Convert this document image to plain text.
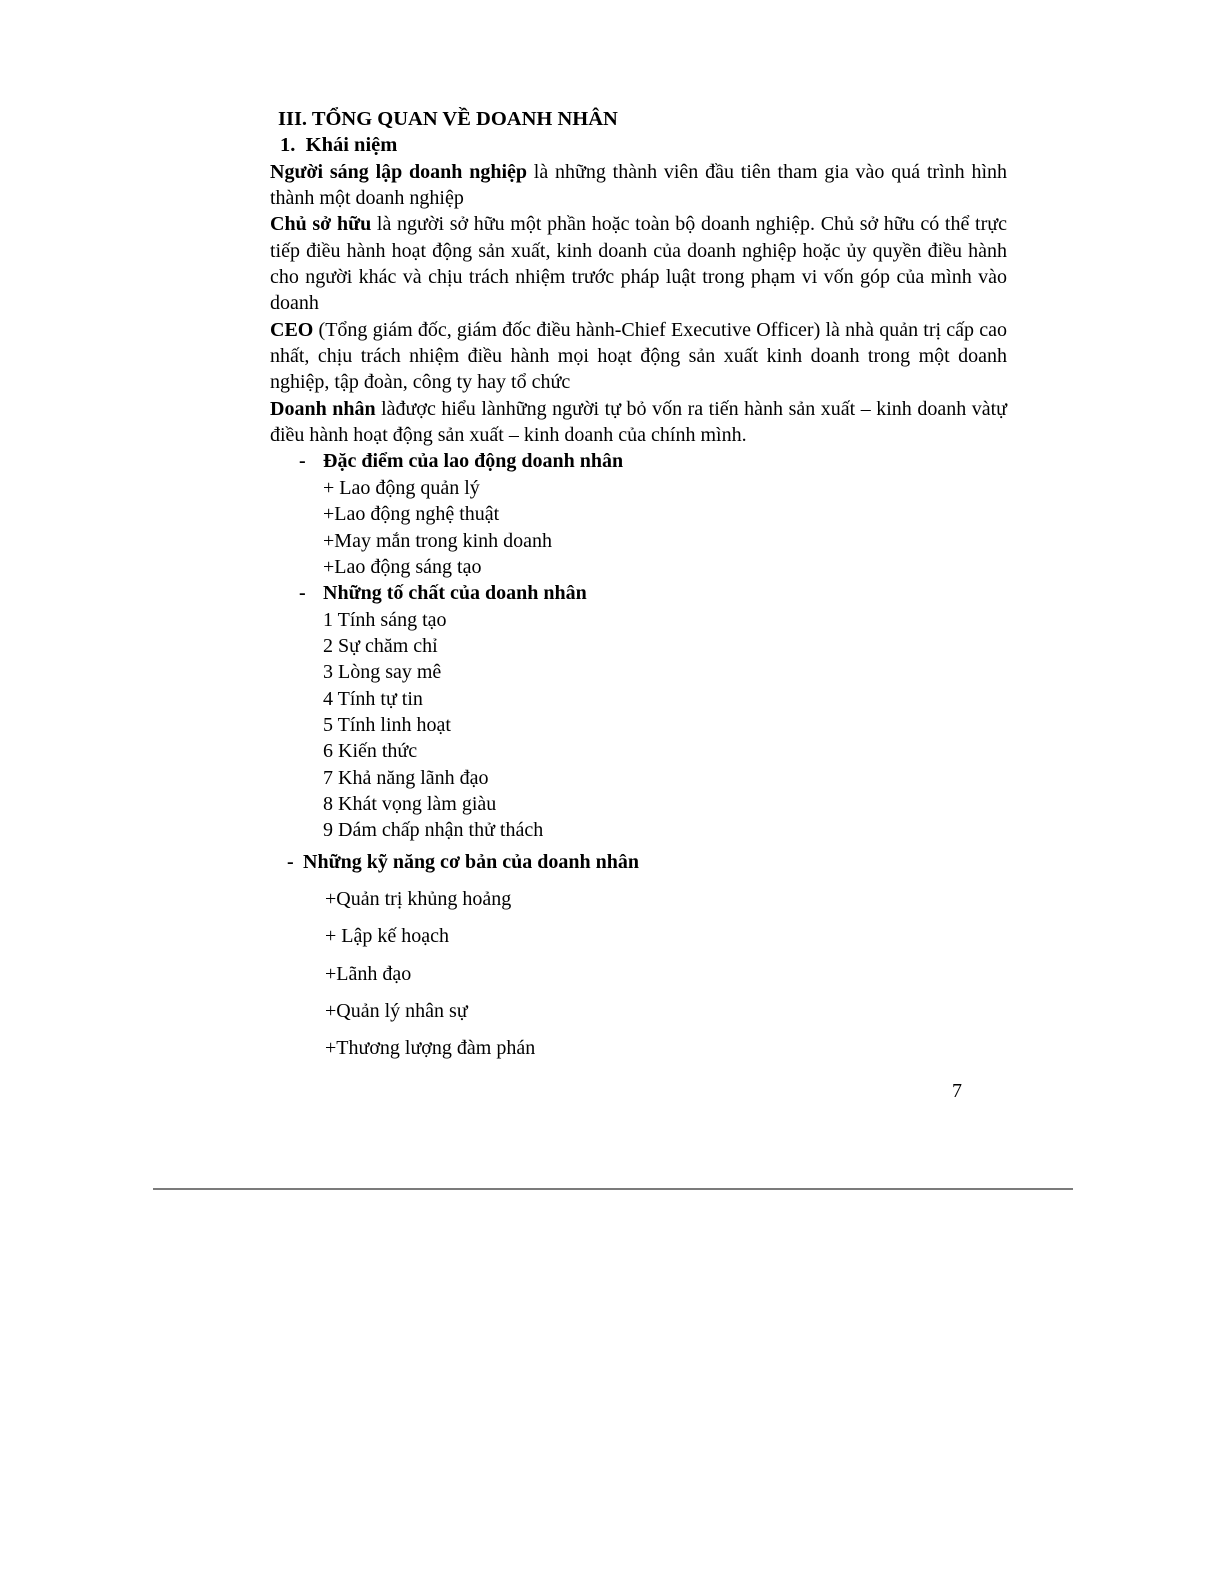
III. TỔNG QUAN VỀ DOANH NHÂN
1.  Khái niệm

Người sáng lập doanh nghiệp là những thành viên đầu tiên tham gia vào quá trình hình thành một doanh nghiệp

Chủ sở hữu là người sở hữu một phần hoặc toàn bộ doanh nghiệp. Chủ sở hữu có thể trực tiếp điều hành hoạt động sản xuất, kinh doanh của doanh nghiệp hoặc ủy quyền điều hành cho người khác và chịu trách nhiệm trước pháp luật trong phạm vi vốn góp của mình vào doanh

CEO (Tổng giám đốc, giám đốc điều hành-Chief Executive Officer) là nhà quản trị cấp cao nhất, chịu trách nhiệm điều hành mọi hoạt động sản xuất kinh doanh trong một doanh nghiệp, tập đoàn, công ty hay tổ chức

Doanh nhân làđược hiểu lànhững người tự bỏ vốn ra tiến hành sản xuất – kinh doanh vàtự điều hành hoạt động sản xuất – kinh doanh của chính mình.

- Đặc điểm của lao động doanh nhân
+ Lao động quản lý
+Lao động nghệ thuật
+May mắn trong kinh doanh
+Lao động sáng tạo
- Những tố chất của doanh nhân
1 Tính sáng tạo
2 Sự chăm chỉ
3 Lòng say mê
4 Tính tự tin
5 Tính linh hoạt
6 Kiến thức
7 Khả năng lãnh đạo
8 Khát vọng làm giàu
9 Dám chấp nhận thử thách
- Những kỹ năng cơ bản của doanh nhân
+Quản trị khủng hoảng
+ Lập kế hoạch
+Lãnh đạo
+Quản lý nhân sự
+Thương lượng đàm phán
7
